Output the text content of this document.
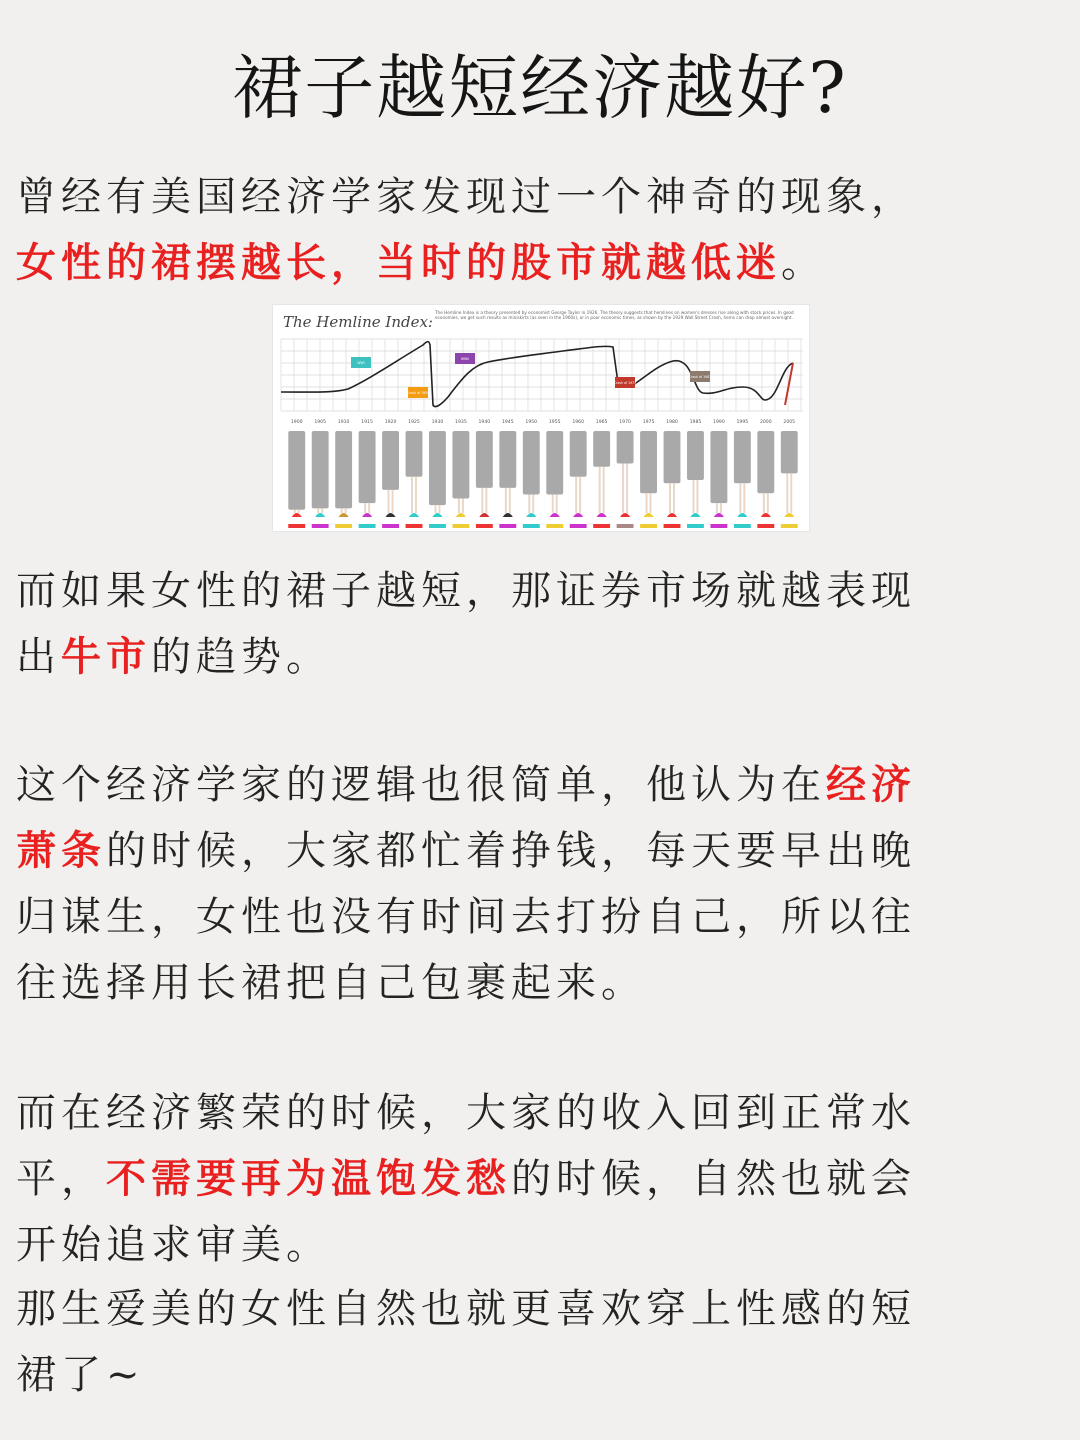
裙子越短经济越好?

曾经有美国经济学家发现过一个神奇的现象，女性的裙摆越长，当时的股市就越低迷。

The Hemline Index:
The Hemline Index is a theory presented by economist George Taylor in 1926. The theory suggests that hemlines on women's dresses rise along with stock prices. In good economies, we get such results as miniskirts (as seen in the 1960s), or in poor economic times, as shown by the 1929 Wall Street Crash, hems can drop almost overnight.
WWI
Crash of 1929
WWII
Crash of 1973
Crash of 1987
1900	1905	1910	1915	1920	1925	1930	1935	1940	1945	1950	1955	1960	1965	1970	1975	1980	1985	1990	1995	2000	2005

而如果女性的裙子越短，那证券市场就越表现出牛市的趋势。

这个经济学家的逻辑也很简单，他认为在经济萧条的时候，大家都忙着挣钱，每天要早出晚归谋生，女性也没有时间去打扮自己，所以往往选择用长裙把自己包裹起来。

而在经济繁荣的时候，大家的收入回到正常水平，不需要再为温饱发愁的时候，自然也就会开始追求审美。

那生爱美的女性自然也就更喜欢穿上性感的短裙了~
